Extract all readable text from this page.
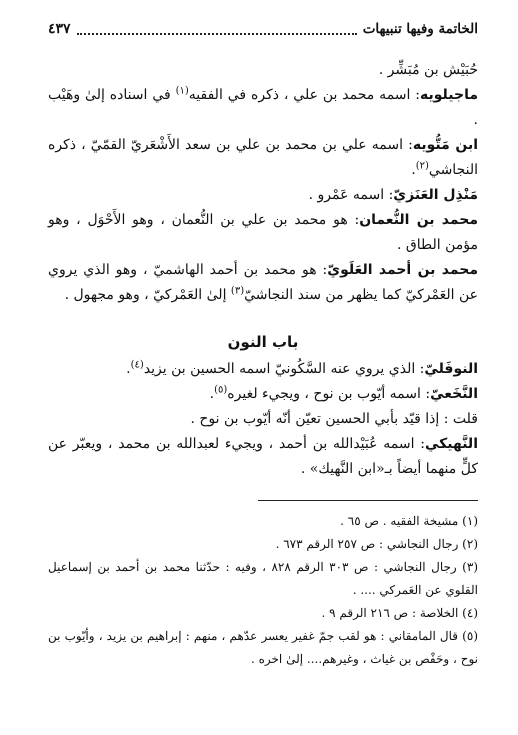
الخاتمة وفيها تنبيهات
٤٣٧

حُبَيْش بن مُبَشِّر .

ماجيلويه: اسمه محمد بن علي ، ذكره في الفقيه$^{(١)}$ في اسناده إلىٰ وهَيْب .

ابن مَتُّويه: اسمه علي بن محمد بن علي بن سعد الأَشْعَريّ القمّيّ ، ذكره النجاشي$^{(٢)}$.

مَنْذِل العَنَزيّ: اسمه عَمْرو .

محمد بن النُّعمان: هو محمد بن علي بن النُّعمان ، وهو الأَحْوَل ، وهو مؤمن الطاق .

محمد بن أحمد العَلَويّ: هو محمد بن أحمد الهاشميّ ، وهو الذي يروي عن العَمْركيّ كما يظهر من سند النجاشيّ$^{(٣)}$ إلىٰ العَمْركيّ ، وهو مجهول .

باب النون

النوفَليّ: الذي يروي عنه السَّكُونيّ اسمه الحسين بن يزيد$^{(٤)}$.

النَّخَعيّ: اسمه أيّوب بن نوح ، ويجيء لغيره$^{(٥)}$.

قلت : إذا قيّد بأبي الحسين تعيّن أنّه أيّوب بن نوح .

النَّهيكي: اسمه عُبَيْدالله بن أحمد ، ويجيء لعبدالله بن محمد ، ويعبّر عن كلٍّ منهما أيضاً بـ«ابن النَّهيك» .

(١) مشيخة الفقيه . ص ٦٥ .

(٢) رجال النجاشي : ص ٢٥٧ الرقم ٦٧٣ .

(٣) رجال النجاشي : ص ٣٠٣ الرقم ٨٢٨ ، وفيه : حدّثنا محمد بن أحمد بن إسماعيل القلوي عن العَمركي .... .

(٤) الخلاصة : ص ٢١٦ الرقم ٩ .

(٥) قال المامقاني : هو لقب جمّ غفير يعسر عدّهم ، منهم : إبراهيم بن يزيد ، وأيّوب بن نوح ، وحَفْص بن غياث ، وغيرهم.... إلىٰ اخره .
